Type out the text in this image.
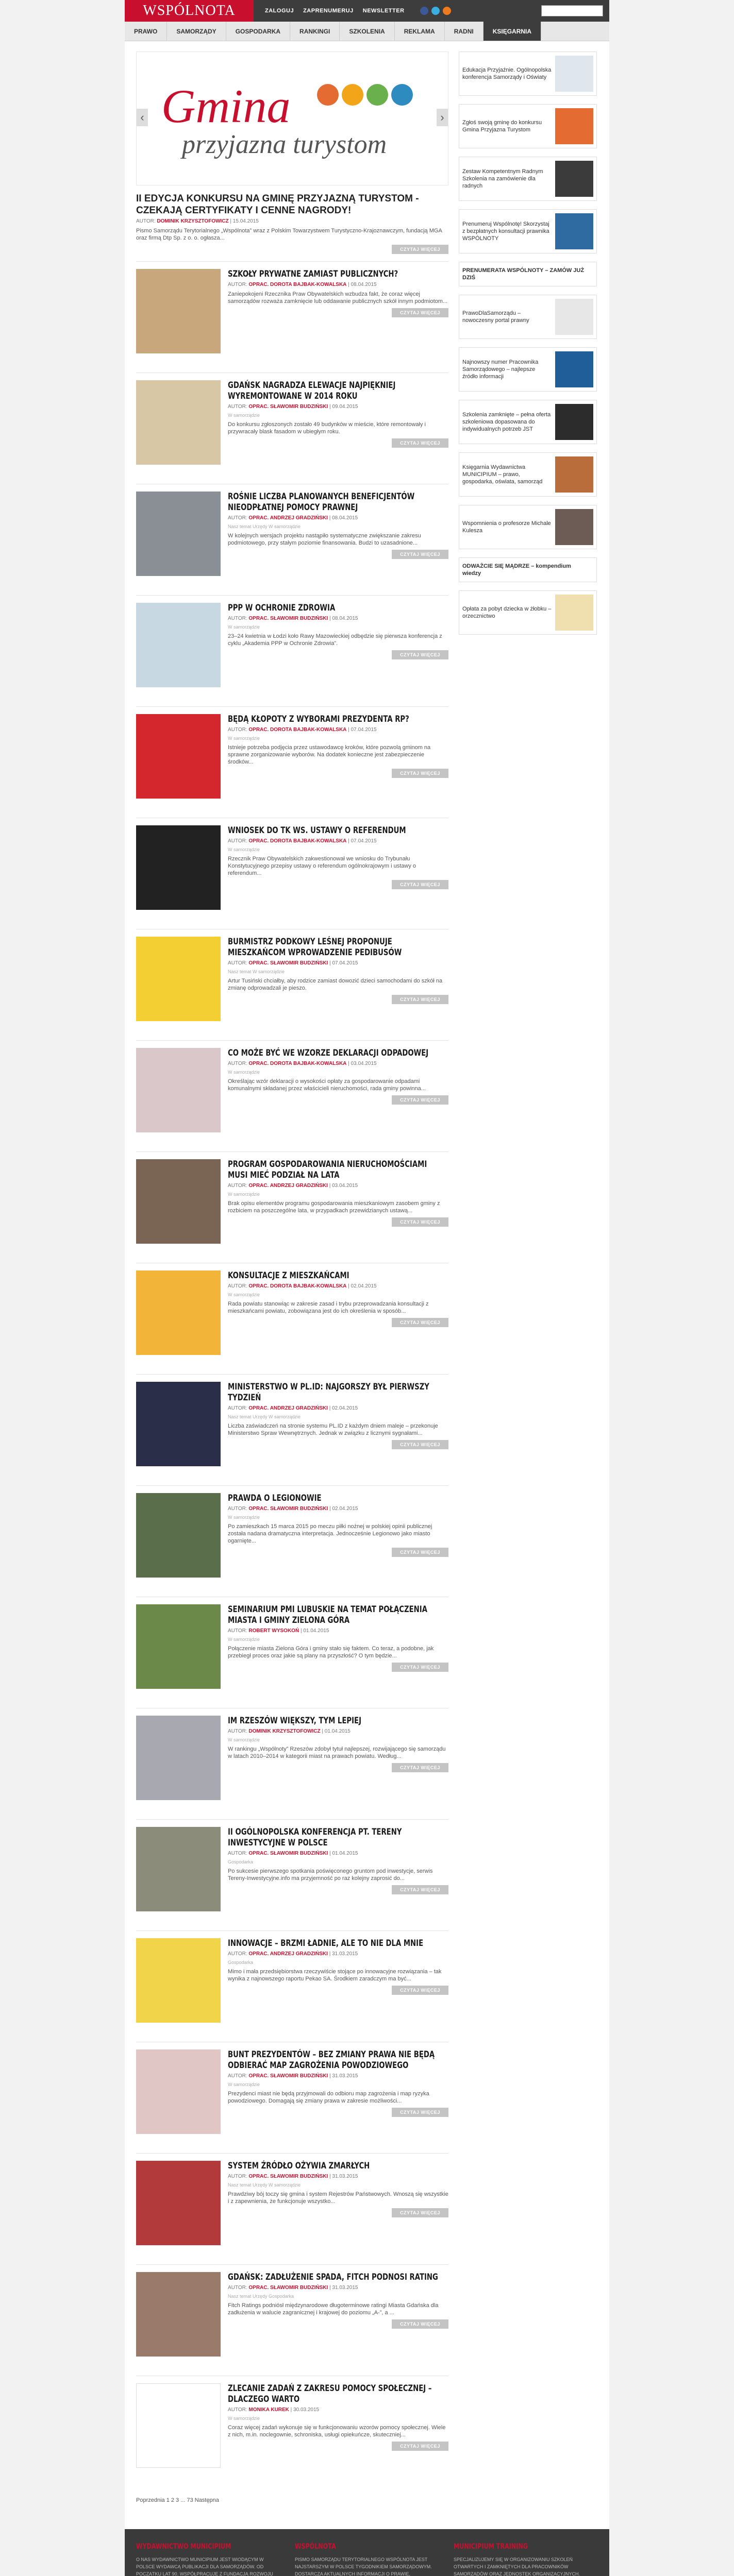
WSPÓLNOTA	ZALOGUJ ZAPRENUMERUJ NEWSLETTER
PRAWO	SAMORZĄDY	GOSPODARKA	RANKINGI	SZKOLENIA	REKLAMA	RADNI	KSIĘGARNIA
‹ Gmina
przyjazna turystom
›
II EDYCJA KONKURSU NA GMINĘ PRZYJAZNĄ TURYSTOM - CZEKAJĄ CERTYFIKATY I CENNE NAGRODY!
AUTOR: DOMINIK KRZYSZTOFOWICZ | 15.04.2015

Pismo Samorządu Terytorialnego „Wspólnota” wraz z Polskim Towarzystwem Turystyczno-Krajoznawczym, fundacją MGA oraz firmą Dtp Sp. z o. o. ogłasza...

CZYTAJ WIĘCEJ
SZKOŁY PRYWATNE ZAMIAST PUBLICZNYCH?
AUTOR: OPRAC. DOROTA BAJBAK-KOWALSKA | 08.04.2015

Zaniepokojeni Rzecznika Praw Obywatelskich wzbudza fakt, że coraz więcej samorządów rozważa zamknięcie lub oddawanie publicznych szkół innym podmiotom...

CZYTAJ WIĘCEJ
GDAŃSK NAGRADZA ELEWACJE NAJPIĘKNIEJ WYREMONTOWANE W 2014 ROKU
AUTOR: OPRAC. SŁAWOMIR BUDZIŃSKI | 09.04.2015
W samorządzie

Do konkursu zgłoszonych zostało 49 budynków w mieście, które remontowały i przywracały blask fasadom w ubiegłym roku.

CZYTAJ WIĘCEJ
ROŚNIE LICZBA PLANOWANYCH BENEFICJENTÓW NIEODPŁATNEJ POMOCY PRAWNEJ
AUTOR: OPRAC. ANDRZEJ GRADZIŃSKI | 08.04.2015
Nasz temat Urzędy W samorządzie

W kolejnych wersjach projektu nastąpiło systematyczne zwiększanie zakresu podmiotowego, przy stałym poziomie finansowania. Budzi to uzasadnione...

CZYTAJ WIĘCEJ
PPP W OCHRONIE ZDROWIA
AUTOR: OPRAC. SŁAWOMIR BUDZIŃSKI | 08.04.2015
W samorządzie

23–24 kwietnia w Łodzi koło Rawy Mazowieckiej odbędzie się pierwsza konferencja z cyklu „Akademia PPP w Ochronie Zdrowia”.

CZYTAJ WIĘCEJ
BĘDĄ KŁOPOTY Z WYBORAMI PREZYDENTA RP?
AUTOR: OPRAC. DOROTA BAJBAK-KOWALSKA | 07.04.2015
W samorządzie

Istnieje potrzeba podjęcia przez ustawodawcę kroków, które pozwolą gminom na sprawne zorganizowanie wyborów. Na dodatek konieczne jest zabezpieczenie środków...

CZYTAJ WIĘCEJ
WNIOSEK DO TK WS. USTAWY O REFERENDUM
AUTOR: OPRAC. DOROTA BAJBAK-KOWALSKA | 07.04.2015
W samorządzie

Rzecznik Praw Obywatelskich zakwestionował we wniosku do Trybunału Konstytucyjnego przepisy ustawy o referendum ogólnokrajowym i ustawy o referendum...

CZYTAJ WIĘCEJ
BURMISTRZ PODKOWY LEŚNEJ PROPONUJE MIESZKAŃCOM WPROWADZENIE PEDIBUSÓW
AUTOR: OPRAC. SŁAWOMIR BUDZIŃSKI | 07.04.2015
Nasz temat W samorządzie

Artur Tusiński chciałby, aby rodzice zamiast dowozić dzieci samochodami do szkół na zmianę odprowadzali je pieszo.

CZYTAJ WIĘCEJ
CO MOŻE BYĆ WE WZORZE DEKLARACJI ODPADOWEJ
AUTOR: OPRAC. DOROTA BAJBAK-KOWALSKA | 03.04.2015
W samorządzie

Określając wzór deklaracji o wysokości opłaty za gospodarowanie odpadami komunalnymi składanej przez właścicieli nieruchomości, rada gminy powinna...

CZYTAJ WIĘCEJ
PROGRAM GOSPODAROWANIA NIERUCHOMOŚCIAMI MUSI MIEĆ PODZIAŁ NA LATA
AUTOR: OPRAC. ANDRZEJ GRADZIŃSKI | 03.04.2015
W samorządzie

Brak opisu elementów programu gospodarowania mieszkaniowym zasobem gminy z rozbiciem na poszczególne lata, w przypadkach przewidzianych ustawą...

CZYTAJ WIĘCEJ
KONSULTACJE Z MIESZKAŃCAMI
AUTOR: OPRAC. DOROTA BAJBAK-KOWALSKA | 02.04.2015
W samorządzie

Rada powiatu stanowiąc w zakresie zasad i trybu przeprowadzania konsultacji z mieszkańcami powiatu, zobowiązana jest do ich określenia w sposób...

CZYTAJ WIĘCEJ
MINISTERSTWO W PL.ID: NAJGORSZY BYŁ PIERWSZY TYDZIEŃ
AUTOR: OPRAC. ANDRZEJ GRADZIŃSKI | 02.04.2015
Nasz temat Urzędy W samorządzie

Liczba zaświadczeń na stronie systemu PL.ID z każdym dniem maleje – przekonuje Ministerstwo Spraw Wewnętrznych. Jednak w związku z licznymi sygnałami...

CZYTAJ WIĘCEJ
PRAWDA O LEGIONOWIE
AUTOR: OPRAC. SŁAWOMIR BUDZIŃSKI | 02.04.2015
W samorządzie

Po zamieszkach 15 marca 2015 po meczu piłki nożnej w polskiej opinii publicznej została nadana dramatyczna interpretacja. Jednocześnie Legionowo jako miasto ogarnięte...

CZYTAJ WIĘCEJ
SEMINARIUM PMI LUBUSKIE NA TEMAT POŁĄCZENIA MIASTA I GMINY ZIELONA GÓRA
AUTOR: ROBERT WYSOKOŃ | 01.04.2015
W samorządzie

Połączenie miasta Zielona Góra i gminy stało się faktem. Co teraz, a podobne, jak przebiegł proces oraz jakie są plany na przyszłość? O tym będzie...

CZYTAJ WIĘCEJ
IM RZESZÓW WIĘKSZY, TYM LEPIEJ
AUTOR: DOMINIK KRZYSZTOFOWICZ | 01.04.2015
W samorządzie

W rankingu „Wspólnoty” Rzeszów zdobył tytuł najlepszej, rozwijającego się samorządu w latach 2010–2014 w kategorii miast na prawach powiatu. Według...

CZYTAJ WIĘCEJ
II OGÓLNOPOLSKA KONFERENCJA PT. TERENY INWESTYCYJNE W POLSCE
AUTOR: OPRAC. SŁAWOMIR BUDZIŃSKI | 01.04.2015
Gospodarka

Po sukcesie pierwszego spotkania poświęconego gruntom pod inwestycje, serwis Tereny-Inwestycyjne.info ma przyjemność po raz kolejny zaprosić do...

CZYTAJ WIĘCEJ
INNOWACJE – BRZMI ŁADNIE, ALE TO NIE DLA MNIE
AUTOR: OPRAC. ANDRZEJ GRADZIŃSKI | 31.03.2015
Gospodarka

Mimo i mała przedsiębiorstwa rzeczywiście stojące po innowacyjne rozwiązania – tak wynika z najnowszego raportu Pekao SA. Środkiem zaradczym ma być...

CZYTAJ WIĘCEJ
BUNT PREZYDENTÓW – BEZ ZMIANY PRAWA NIE BĘDĄ ODBIERAĆ MAP ZAGROŻENIA POWODZIOWEGO
AUTOR: OPRAC. SŁAWOMIR BUDZIŃSKI | 31.03.2015
W samorządzie

Prezydenci miast nie będą przyjmowali do odbioru map zagrożenia i map ryzyka powodziowego. Domagają się zmiany prawa w zakresie możliwości...

CZYTAJ WIĘCEJ
SYSTEM ŹRÓDŁO OŻYWIA ZMARŁYCH
AUTOR: OPRAC. SŁAWOMIR BUDZIŃSKI | 31.03.2015
Nasz temat Urzędy W samorządzie

Prawdziwy bój toczy się gmina i system Rejestrów Państwowych. Wnoszą się wszystkie i z zapewnienia, że funkcjonuje wszystko...

CZYTAJ WIĘCEJ
GDAŃSK: ZADŁUŻENIE SPADA, FITCH PODNOSI RATING
AUTOR: OPRAC. SŁAWOMIR BUDZIŃSKI | 31.03.2015
Nasz temat Urzędy Gospodarka

Fitch Ratings podniósł międzynarodowe długoterminowe ratingi Miasta Gdańska dla zadłużenia w walucie zagranicznej i krajowej do poziomu „A-”, a ...

CZYTAJ WIĘCEJ
ZLECANIE ZADAŃ Z ZAKRESU POMOCY SPOŁECZNEJ – DLACZEGO WARTO
AUTOR: MONIKA KUREK | 30.03.2015
W samorządzie

Coraz więcej zadań wykonuje się w funkcjonowaniu wzorów pomocy społecznej. Wiele z nich, m.in. noclegownie, schroniska, usługi opiekuńcze, skuteczniej...

CZYTAJ WIĘCEJ
Poprzednia 1 2 3 ... 73 Następna
Edukacja Przyjaźnie. Ogólnopolska konferencja Samorządy i Oświaty
Zgłoś swoją gminę do konkursu Gmina Przyjazna Turystom
Zestaw Kompetentnym Radnym Szkolenia na zamówienie dla radnych
Prenumeruj Wspólnotę! Skorzystaj z bezpłatnych konsultacji prawnika WSPÓLNOTY
PRENUMERATA WSPÓLNOTY – ZAMÓW JUŻ DZIŚ
PrawoDlaSamorządu – nowoczesny portal prawny
Najnowszy numer Pracownika Samorządowego – najlepsze źródło informacji
Szkolenia zamknięte – pełna oferta szkoleniowa dopasowana do indywidualnych potrzeb JST
Księgarnia Wydawnictwa MUNICIPIUM – prawo, gospodarka, oświata, samorząd
Wspomnienia o profesorze Michale Kulesza
ODWAŻCIE SIĘ MĄDRZE – kompendium wiedzy
Opłata za pobyt dziecka w żłobku – orzecznictwo
WYDAWNICTWO MUNICIPIUM

O NAS WYDAWNICTWO MUNICIPIUM JEST WIODĄCYM W POLSCE WYDAWCĄ PUBLIKACJI DLA SAMORZĄDÓW. OD POCZĄTKU LAT 90. WSPÓŁPRACUJE Z FUNDACJĄ ROZWOJU

WSPÓLNOTA

PISMO SAMORZĄDU TERYTORIALNEGO WSPÓLNOTA JEST NAJSTARSZYM W POLSCE TYGODNIKIEM SAMORZĄDOWYM. DOSTARCZA AKTUALNYCH INFORMACJI O PRAWIE,

MUNICIPIUM TRAINING

SPECJALIZUJEMY SIĘ W ORGANIZOWANIU SZKOLEŃ OTWARTYCH I ZAMKNIĘTYCH DLA PRACOWNIKÓW SAMORZĄDÓW ORAZ JEDNOSTEK ORGANIZACYJNYCH.
